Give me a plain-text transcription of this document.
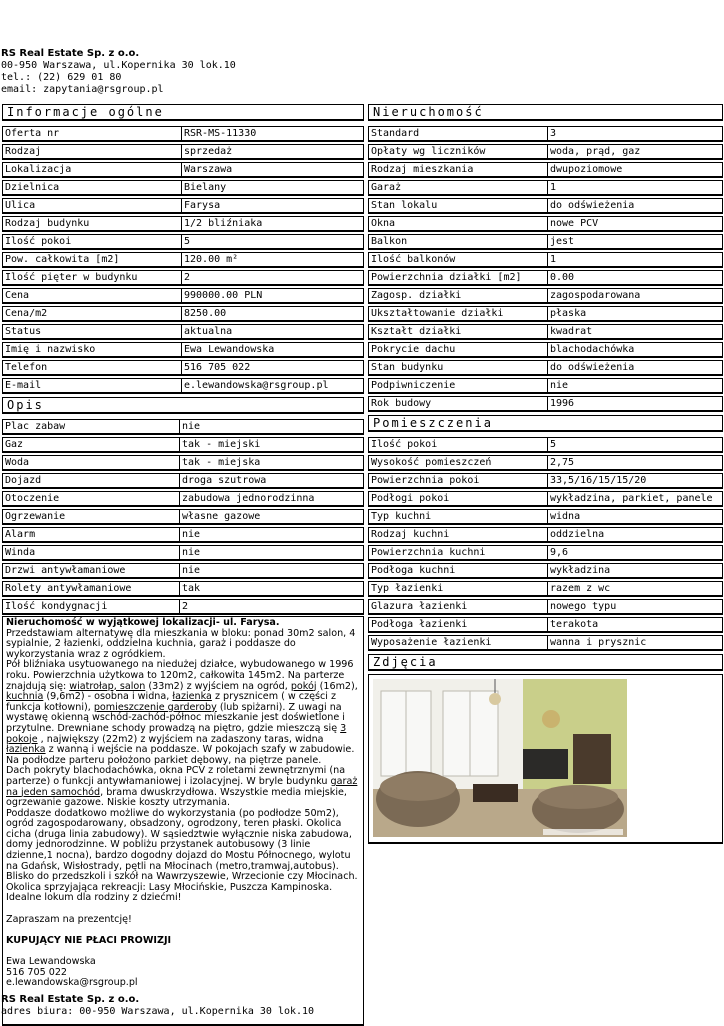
RS Real Estate Sp. z o.o.
00-950 Warszawa, ul.Kopernika 30 lok.10
tel.: (22) 629 01 80
email: zapytania@rsgroup.pl
Informacje ogólne
Oferta nr	RSR-MS-11330
Rodzaj	sprzedaż
Lokalizacja	Warszawa
Dzielnica	Bielany
Ulica	Farysa
Rodzaj budynku	1/2 bliźniaka
Ilość pokoi	5
Pow. całkowita [m2]	120.00 m²
Ilość pięter w budynku	2
Cena	990000.00 PLN
Cena/m2	8250.00
Status	aktualna
Imię i nazwisko	Ewa Lewandowska
Telefon	516 705 022
E-mail	e.lewandowska@rsgroup.pl
Opis
Plac zabaw	nie
Gaz	tak - miejski
Woda	tak - miejska
Dojazd	droga szutrowa
Otoczenie	zabudowa jednorodzinna
Ogrzewanie	własne gazowe
Alarm	nie
Winda	nie
Drzwi antywłamaniowe	nie
Rolety antywłamaniowe	tak
Ilość kondygnacji	2

Nieruchomość w wyjątkowej lokalizacji- ul. Farysa.

Przedstawiam alternatywę dla mieszkania w bloku: ponad 30m2 salon, 4 sypialnie, 2 łazienki, oddzielna kuchnia, garaż i poddasze do wykorzystania wraz z ogródkiem.

Pół bliźniaka usytuowanego na niedużej działce, wybudowanego w 1996 roku. Powierzchnia użytkowa to 120m2, całkowita 145m2. Na parterze znajdują się: wiatrołap, salon (33m2) z wyjściem na ogród, pokój (16m2), kuchnia (9,6m2) - osobna i widna, łazienka z prysznicem ( w części z funkcja kotłowni), pomieszczenie garderoby (lub spiżarni). Z uwagi na wystawę okienną wschód-zachód-północ mieszkanie jest doświetlone i przytulne. Drewniane schody prowadzą na piętro, gdzie mieszczą się 3 pokoje , największy (22m2) z wyjściem na zadaszony taras, widna łazienka z wanną i wejście na poddasze. W pokojach szafy w zabudowie. Na podłodze parteru położono parkiet dębowy, na piętrze panele.

Dach pokryty blachodachówka, okna PCV z roletami zewnętrznymi (na parterze) o funkcji antywłamaniowej i izolacyjnej. W bryle budynku garaż na jeden samochód, brama dwuskrzydłowa. Wszystkie media miejskie, ogrzewanie gazowe. Niskie koszty utrzymania.

Poddasze dodatkowo możliwe do wykorzystania (po podłodze 50m2), ogród zagospodarowany, obsadzony, ogrodzony, teren płaski. Okolica cicha (druga linia zabudowy). W sąsiedztwie wyłącznie niska zabudowa, domy jednorodzinne. W pobliżu przystanek autobusowy (3 linie dzienne,1 nocna), bardzo dogodny dojazd do Mostu Północnego, wylotu na Gdańsk, Wisłostrady, pętli na Młocinach (metro,tramwaj,autobus). Blisko do przedszkoli i szkół na Wawrzyszewie, Wrzecionie czy Młocinach.

Okolica sprzyjająca rekreacji: Lasy Młocińskie, Puszcza Kampinoska. Idealne lokum dla rodziny z dziećmi!

Zapraszam na prezentcję!

KUPUJĄCY NIE PŁACI PROWIZJI

Ewa Lewandowska

516 705 022

e.lewandowska@rsgroup.pl

Nieruchomość
Standard	3
Opłaty wg liczników	woda, prąd, gaz
Rodzaj mieszkania	dwupoziomowe
Garaż	1
Stan lokalu	do odświeżenia
Okna	nowe PCV
Balkon	jest
Ilość balkonów	1
Powierzchnia działki [m2]	0.00
Zagosp. działki	zagospodarowana
Ukształtowanie działki	płaska
Kształt działki	kwadrat
Pokrycie dachu	blachodachówka
Stan budynku	do odświeżenia
Podpiwniczenie	nie
Rok budowy	1996
Pomieszczenia
Ilość pokoi	5
Wysokość pomieszczeń	2,75
Powierzchnia pokoi	33,5/16/15/15/20
Podłogi pokoi	wykładzina, parkiet, panele
Typ kuchni	widna
Rodzaj kuchni	oddzielna
Powierzchnia kuchni	9,6
Podłoga kuchni	wykładzina
Typ łazienki	razem z wc
Glazura łazienki	nowego typu
Podłoga łazienki	terakota
Wyposażenie łazienki	wanna i prysznic
Zdjęcia
RS Real Estate Sp. z o.o.
adres biura: 00-950 Warszawa, ul.Kopernika 30 lok.10
